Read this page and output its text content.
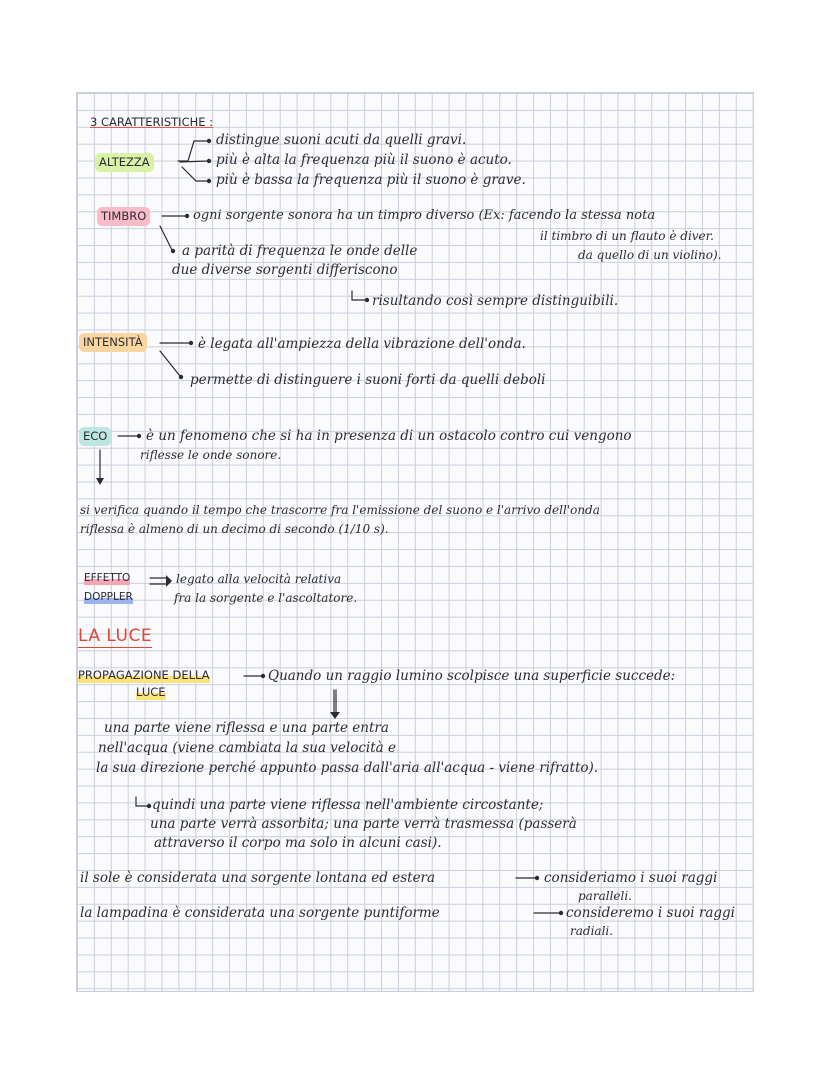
3 CARATTERISTICHE :
ALTEZZA
distingue suoni acuti da quelli gravi.
più è alta la frequenza più il suono è acuto.
più è bassa la frequenza più il suono è grave.
TIMBRO	ogni sorgente sonora ha un timpro diverso (Ex: facendo la stessa nota
il timbro di un flauto è diver.
da quello di un violino).
a parità di frequenza le onde delle
due diverse sorgenti differiscono
risultando così sempre distinguibili.
INTENSITÀ	è legata all'ampiezza della vibrazione dell'onda.
permette di distinguere i suoni forti da quelli deboli
ECO	è un fenomeno che si ha in presenza di un ostacolo contro cui vengono
riflesse le onde sonore.
si verifica quando il tempo che trascorre fra l'emissione del suono e l'arrivo dell'onda
riflessa è almeno di un decimo di secondo (1/10 s).
EFFETTO
DOPPLER
legato alla velocità relativa
fra la sorgente e l'ascoltatore.
LA LUCE
PROPAGAZIONE DELLA
LUCE
Quando un raggio lumino scolpisce una superficie succede:
una parte viene riflessa e una parte entra
nell'acqua (viene cambiata la sua velocità e
la sua direzione perché appunto passa dall'aria all'acqua - viene rifratto).
quindi una parte viene riflessa nell'ambiente circostante;
una parte verrà assorbita; una parte verrà trasmessa (passerà
attraverso il corpo ma solo in alcuni casi).
il sole è considerata una sorgente lontana ed estera	consideriamo i suoi raggi
paralleli.
la lampadina è considerata una sorgente puntiforme	consideremo i suoi raggi
radiali.
